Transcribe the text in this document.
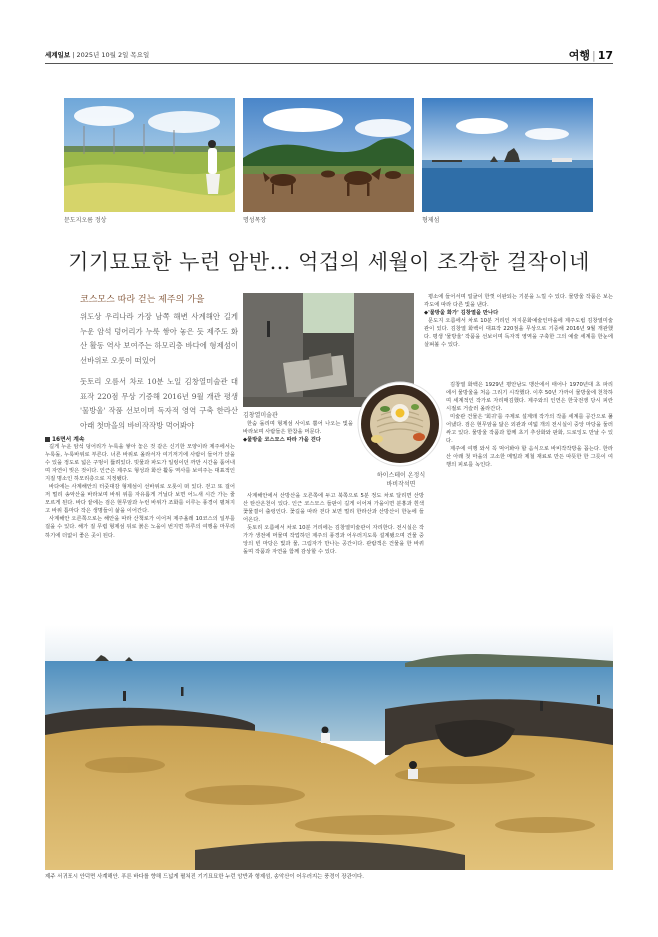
세계일보 | 2025년 10월 2일 목요일	여행 | 17
문도지오름 정상	명성목장	형제섬
기기묘묘한 누런 암반… 억겁의 세월이 조각한 걸작이네
코스모스 따라 걷는 제주의 가을

위도상 우리나라 가장 남쪽 해변 사계해안 길게 누운 암석 덩어리가 누룩 쌓아 놓은 듯 제주도 화산 활동 역사 보여주는 하모리층 바다에 형제섬이 선바위로 오롯이 떠있어

돗토리 오름서 차로 10분 노일 김창열미술관 대표작 220점 무상 기증해 2016년 9월 개관 평생 '물방울' 작품 선보이며 독자적 영역 구축 한라산아래 첫마을의 바비작작방 먹어봐야

김창열미술관
하이스테이 온정식
바비작석면
16면서 계속

길게 누운 암석 덩어리가 누룩을 쌓아 놓은 것 같은 신기한 모양이라 제주에서는 누룩돌, 누룩바위로 부른다. 너른 바위로 올라서자 여기저기에 사람이 들어가 앉을 수 있을 정도로 넓은 구멍이 뚫려있다. 빗물과 파도가 일렁이던 까만 시간을 품어내며 자연이 빚은 것이다. 인근은 제주도 형성과 화산 활동 역사를 보여주는 대표적인 지질 명소인 하모리층으로 지정됐다.

바다에는 사계해안의 터줏대감 형제섬이 선바위로 오롯이 떠 있다. 걷고 또 걸어 저 멀리 송악산을 바라보며 바위 위를 자유롭게 거닐다 보면 어느새 시간 가는 줄 모르게 된다. 바다 끝에는 검은 현무암과 누런 바위가 조화를 이루는 풍경이 펼쳐지고 바위 틈마다 작은 생명들이 삶을 이어간다.

사계해안 오른쪽으로는 해안을 따라 산책로가 이어져 제주올레 10코스의 일부를 걸을 수 있다. 해가 질 무렵 형제섬 뒤로 붉은 노을이 번지면 하루의 여행을 마무리하기에 더없이 좋은 곳이 된다.

한숨 돌리며 형제섬 사이로 뿜어 나오는 빛을 바라보며 사람들은 한참을 머문다.

◆물방울 코스모스 따라 가을 걷다

사계해안에서 산방산을 오른쪽에 두고 북쪽으로 5분 정도 차로 달리면 산방산 탄산온천이 있다. 인근 코스모스 들판이 길게 이어져 가을이면 분홍과 흰색 꽃물결이 출렁인다. 꽃길을 따라 걷다 보면 멀리 한라산과 산방산이 한눈에 들어온다.

돗토리 오름에서 차로 10분 거리에는 김창열미술관이 자리한다. 전시실은 작가가 생전에 머물며 작업하던 제주의 풍경과 어우러지도록 설계됐으며 건물 중앙의 빈 마당은 빛과 물, 그림자가 만나는 공간이다. 관람객은 건물을 한 바퀴 돌며 작품과 자연을 함께 감상할 수 있다.

평소에 들어서며 얼굴이 한껏 이완되는 기분을 느낄 수 있다. 물방울 작품은 보는 각도에 따라 다른 빛을 낸다.

◆'물방울 화가' 김창열을 만나다

문도지 오름에서 차로 10분 거리인 저지문화예술인마을에 제주도립 김창열미술관이 있다. 김창열 화백이 대표작 220점을 무상으로 기증해 2016년 9월 개관했다. 평생 '물방울' 작품을 선보이며 독자적 영역을 구축한 그의 예술 세계를 한눈에 살펴볼 수 있다.

김창열 화백은 1929년 평안남도 맹산에서 태어나 1970년대 초 파리에서 물방울을 처음 그리기 시작했다. 이후 50년 가까이 물방울에 천착하며 세계적인 작가로 자리매김했다. 제주와의 인연은 한국전쟁 당시 피란 시절로 거슬러 올라간다.

미술관 건물은 '회귀'를 주제로 설계돼 작가의 작품 세계를 공간으로 풀어냈다. 검은 현무암을 닮은 외관과 여덟 개의 전시실이 중앙 마당을 둘러싸고 있다. 물방울 작품과 함께 초기 추상화와 판화, 드로잉도 만날 수 있다.

제주에 여행 와서 꼭 먹어봐야 할 음식으로 바비작작방을 꼽는다. 한라산 아래 첫 마을의 고소한 메밀과 제철 재료로 만든 따뜻한 한 그릇이 여행의 피로를 녹인다.

제주 서귀포시 안덕면 사계해안. 푸른 바다를 향해 드넓게 펼쳐진 기기묘묘한 누런 암반과 형제섬, 송악산이 어우러지는 풍경이 장관이다.
